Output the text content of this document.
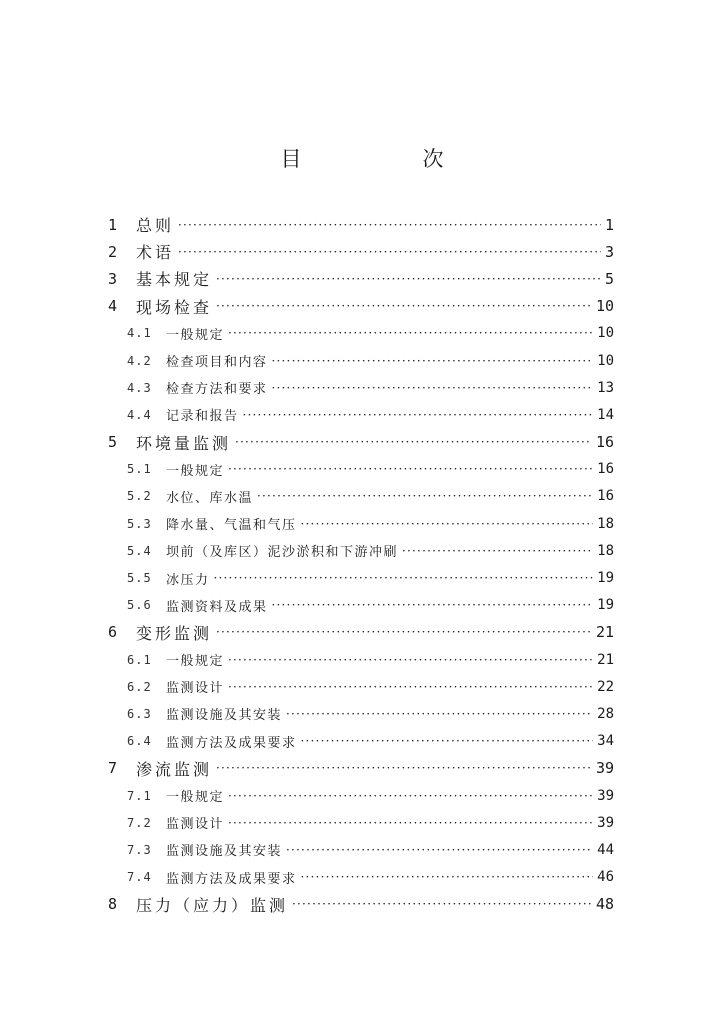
目　次
1 总则 ·····	1
2 术语 ·····	3
3 基本规定 ·····	5
4 现场检查 ·····	10
4.1 一般规定 ·····	10
4.2 检查项目和内容 ·····	10
4.3 检查方法和要求 ·····	13
4.4 记录和报告 ·····	14
5 环境量监测 ·····	16
5.1 一般规定 ·····	16
5.2 水位、库水温 ·····	16
5.3 降水量、气温和气压 ·····	18
5.4 坝前（及库区）泥沙淤积和下游冲刷 ·····	18
5.5 冰压力 ·····	19
5.6 监测资料及成果 ·····	19
6 变形监测 ·····	21
6.1 一般规定 ·····	21
6.2 监测设计 ·····	22
6.3 监测设施及其安装 ·····	28
6.4 监测方法及成果要求 ·····	34
7 渗流监测 ·····	39
7.1 一般规定 ·····	39
7.2 监测设计 ·····	39
7.3 监测设施及其安装 ·····	44
7.4 监测方法及成果要求 ·····	46
8 压力（应力）监测 ·····	48
